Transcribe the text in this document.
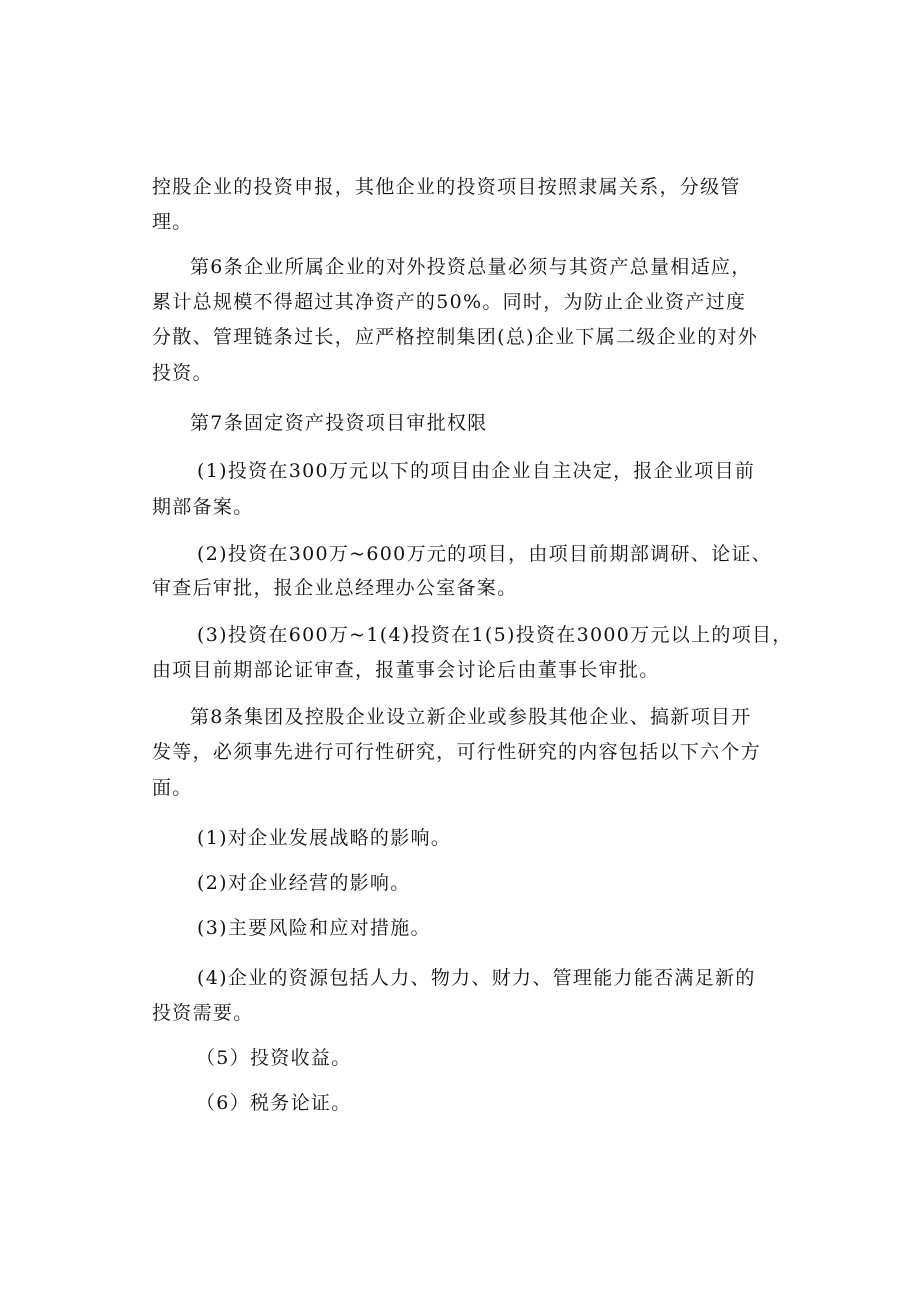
控股企业的投资申报，其他企业的投资项目按照隶属关系，分级管
理。
第6条企业所属企业的对外投资总量必须与其资产总量相适应，
累计总规模不得超过其净资产的50%。同时，为防止企业资产过度
分散、管理链条过长，应严格控制集团(总)企业下属二级企业的对外
投资。
第7条固定资产投资项目审批权限
(1)投资在300万元以下的项目由企业自主决定，报企业项目前
期部备案。
(2)投资在300万~600万元的项目，由项目前期部调研、论证、
审查后审批，报企业总经理办公室备案。
(3)投资在600万~1(4)投资在1(5)投资在3000万元以上的项目，
由项目前期部论证审查，报董事会讨论后由董事长审批。
第8条集团及控股企业设立新企业或参股其他企业、搞新项目开
发等，必须事先进行可行性研究，可行性研究的内容包括以下六个方
面。
(1)对企业发展战略的影响。
(2)对企业经营的影响。
(3)主要风险和应对措施。
(4)企业的资源包括人力、物力、财力、管理能力能否满足新的
投资需要。
（5）投资收益。
（6）税务论证。
